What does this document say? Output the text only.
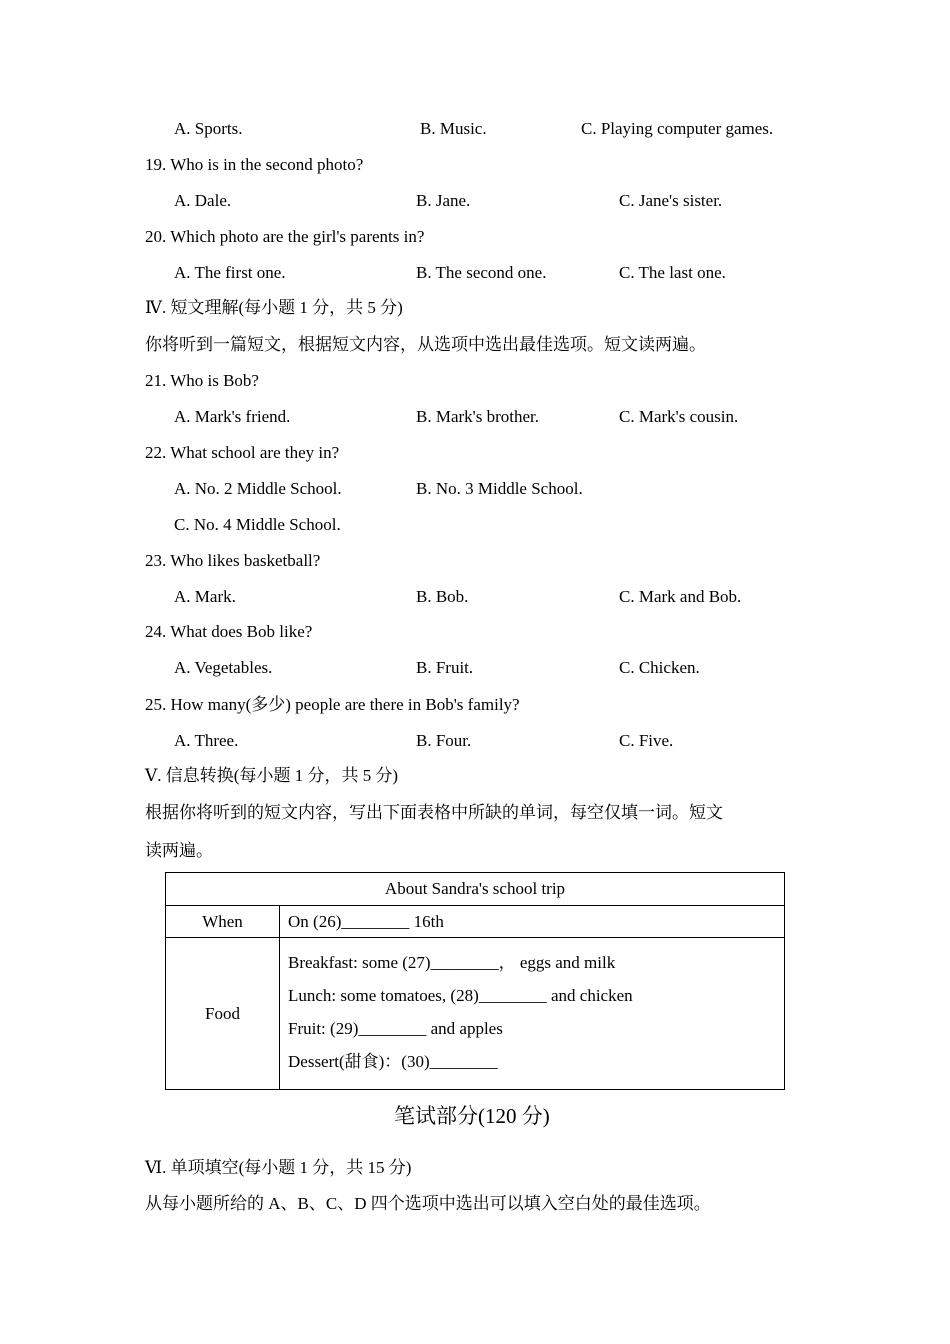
A. Sports.	B. Music.	C. Playing computer games.
19. Who is in the second photo?
A. Dale.	B. Jane.	C. Jane's sister.
20. Which photo are the girl's parents in?
A. The first one.	B. The second one.	C. The last one.
Ⅳ. 短文理解(每小题 1 分，共 5 分)
你将听到一篇短文，根据短文内容，从选项中选出最佳选项。短文读两遍。
21. Who is Bob?
A. Mark's friend.	B. Mark's brother.	C. Mark's cousin.
22. What school are they in?
A. No. 2 Middle School.	B. No. 3 Middle School.
C. No. 4 Middle School.
23. Who likes basketball?
A. Mark.	B. Bob.	C. Mark and Bob.
24. What does Bob like?
A. Vegetables.	B. Fruit.	C. Chicken.
25. How many(多少) people are there in Bob's family?
A. Three.	B. Four.	C. Five.
Ⅴ. 信息转换(每小题 1 分，共 5 分)
根据你将听到的短文内容，写出下面表格中所缺的单词，每空仅填一词。短文
读两遍。
About Sandra's school trip	
When	On (26)________ 16th
Food	Breakfast: some (27)________， eggs and milk
Lunch: some tomatoes, (28)________ and chicken
Fruit: (29)________ and apples
Dessert(甜食)：(30)________
笔试部分(120 分)
Ⅵ. 单项填空(每小题 1 分，共 15 分)
从每小题所给的 A、B、C、D 四个选项中选出可以填入空白处的最佳选项。
